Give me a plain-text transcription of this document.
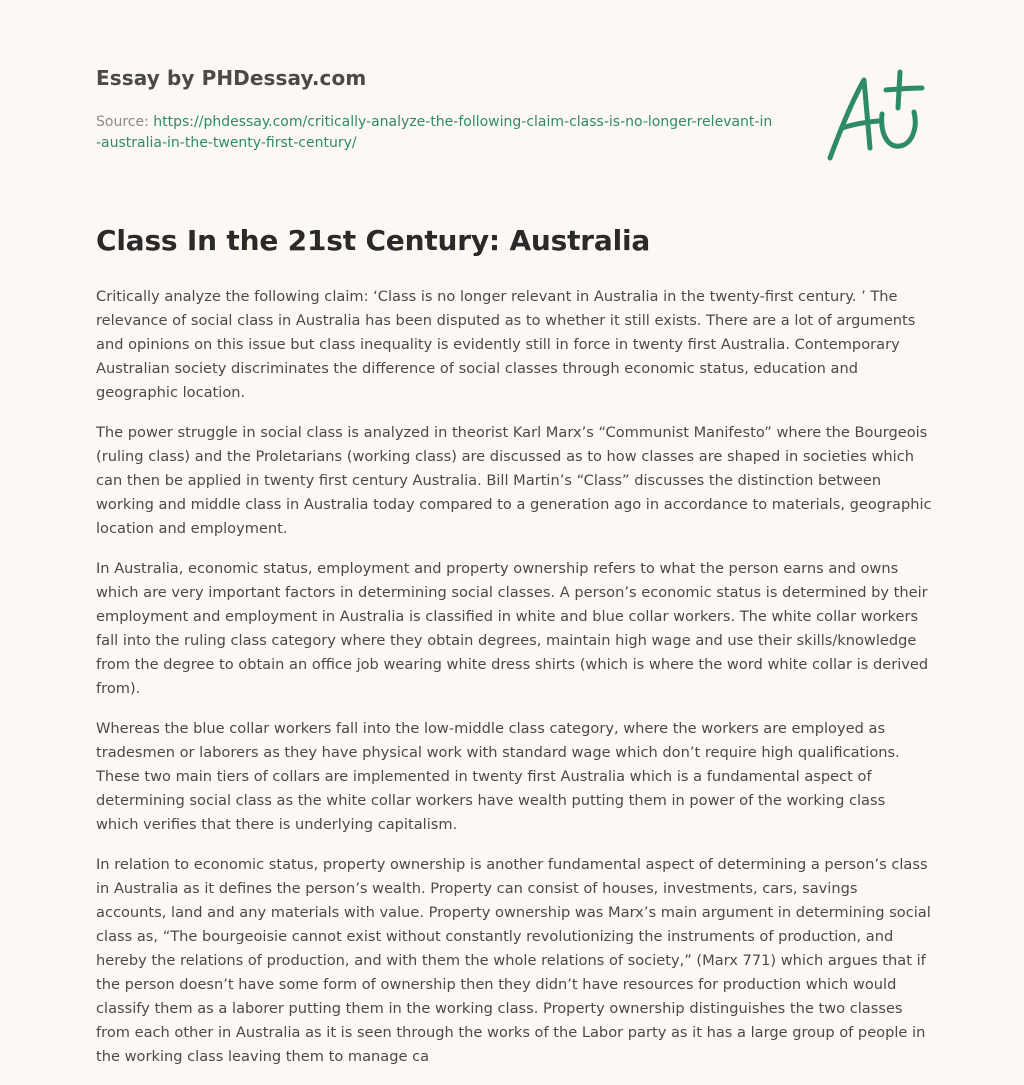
Essay by PHDessay.com
Source: https://phdessay.com/critically-analyze-the-following-claim-class-is-no-longer-relevant-in-australia-in-the-twenty-first-century/
Class In the 21st Century: Australia

Critically analyze the following claim: ‘Class is no longer relevant in Australia in the twenty-first century. ’ The relevance of social class in Australia has been disputed as to whether it still exists. There are a lot of arguments and opinions on this issue but class inequality is evidently still in force in twenty first Australia. Contemporary Australian society discriminates the difference of social classes through economic status, education and geographic location.

The power struggle in social class is analyzed in theorist Karl Marx’s “Communist Manifesto” where the Bourgeois (ruling class) and the Proletarians (working class) are discussed as to how classes are shaped in societies which can then be applied in twenty first century Australia. Bill Martin’s “Class” discusses the distinction between working and middle class in Australia today compared to a generation ago in accordance to materials, geographic location and employment.

In Australia, economic status, employment and property ownership refers to what the person earns and owns which are very important factors in determining social classes. A person’s economic status is determined by their employment and employment in Australia is classified in white and blue collar workers. The white collar workers fall into the ruling class category where they obtain degrees, maintain high wage and use their skills/knowledge from the degree to obtain an office job wearing white dress shirts (which is where the word white collar is derived from).

Whereas the blue collar workers fall into the low-middle class category, where the workers are employed as tradesmen or laborers as they have physical work with standard wage which don’t require high qualifications. These two main tiers of collars are implemented in twenty first Australia which is a fundamental aspect of determining social class as the white collar workers have wealth putting them in power of the working class which verifies that there is underlying capitalism.

In relation to economic status, property ownership is another fundamental aspect of determining a person’s class in Australia as it defines the person’s wealth. Property can consist of houses, investments, cars, savings accounts, land and any materials with value. Property ownership was Marx’s main argument in determining social class as, “The bourgeoisie cannot exist without constantly revolutionizing the instruments of production, and hereby the relations of production, and with them the whole relations of society,” (Marx 771) which argues that if the person doesn’t have some form of ownership then they didn’t have resources for production which would classify them as a laborer putting them in the working class. Property ownership distinguishes the two classes from each other in Australia as it is seen through the works of the Labor party as it has a large group of people in the working class leaving them to manage ca
